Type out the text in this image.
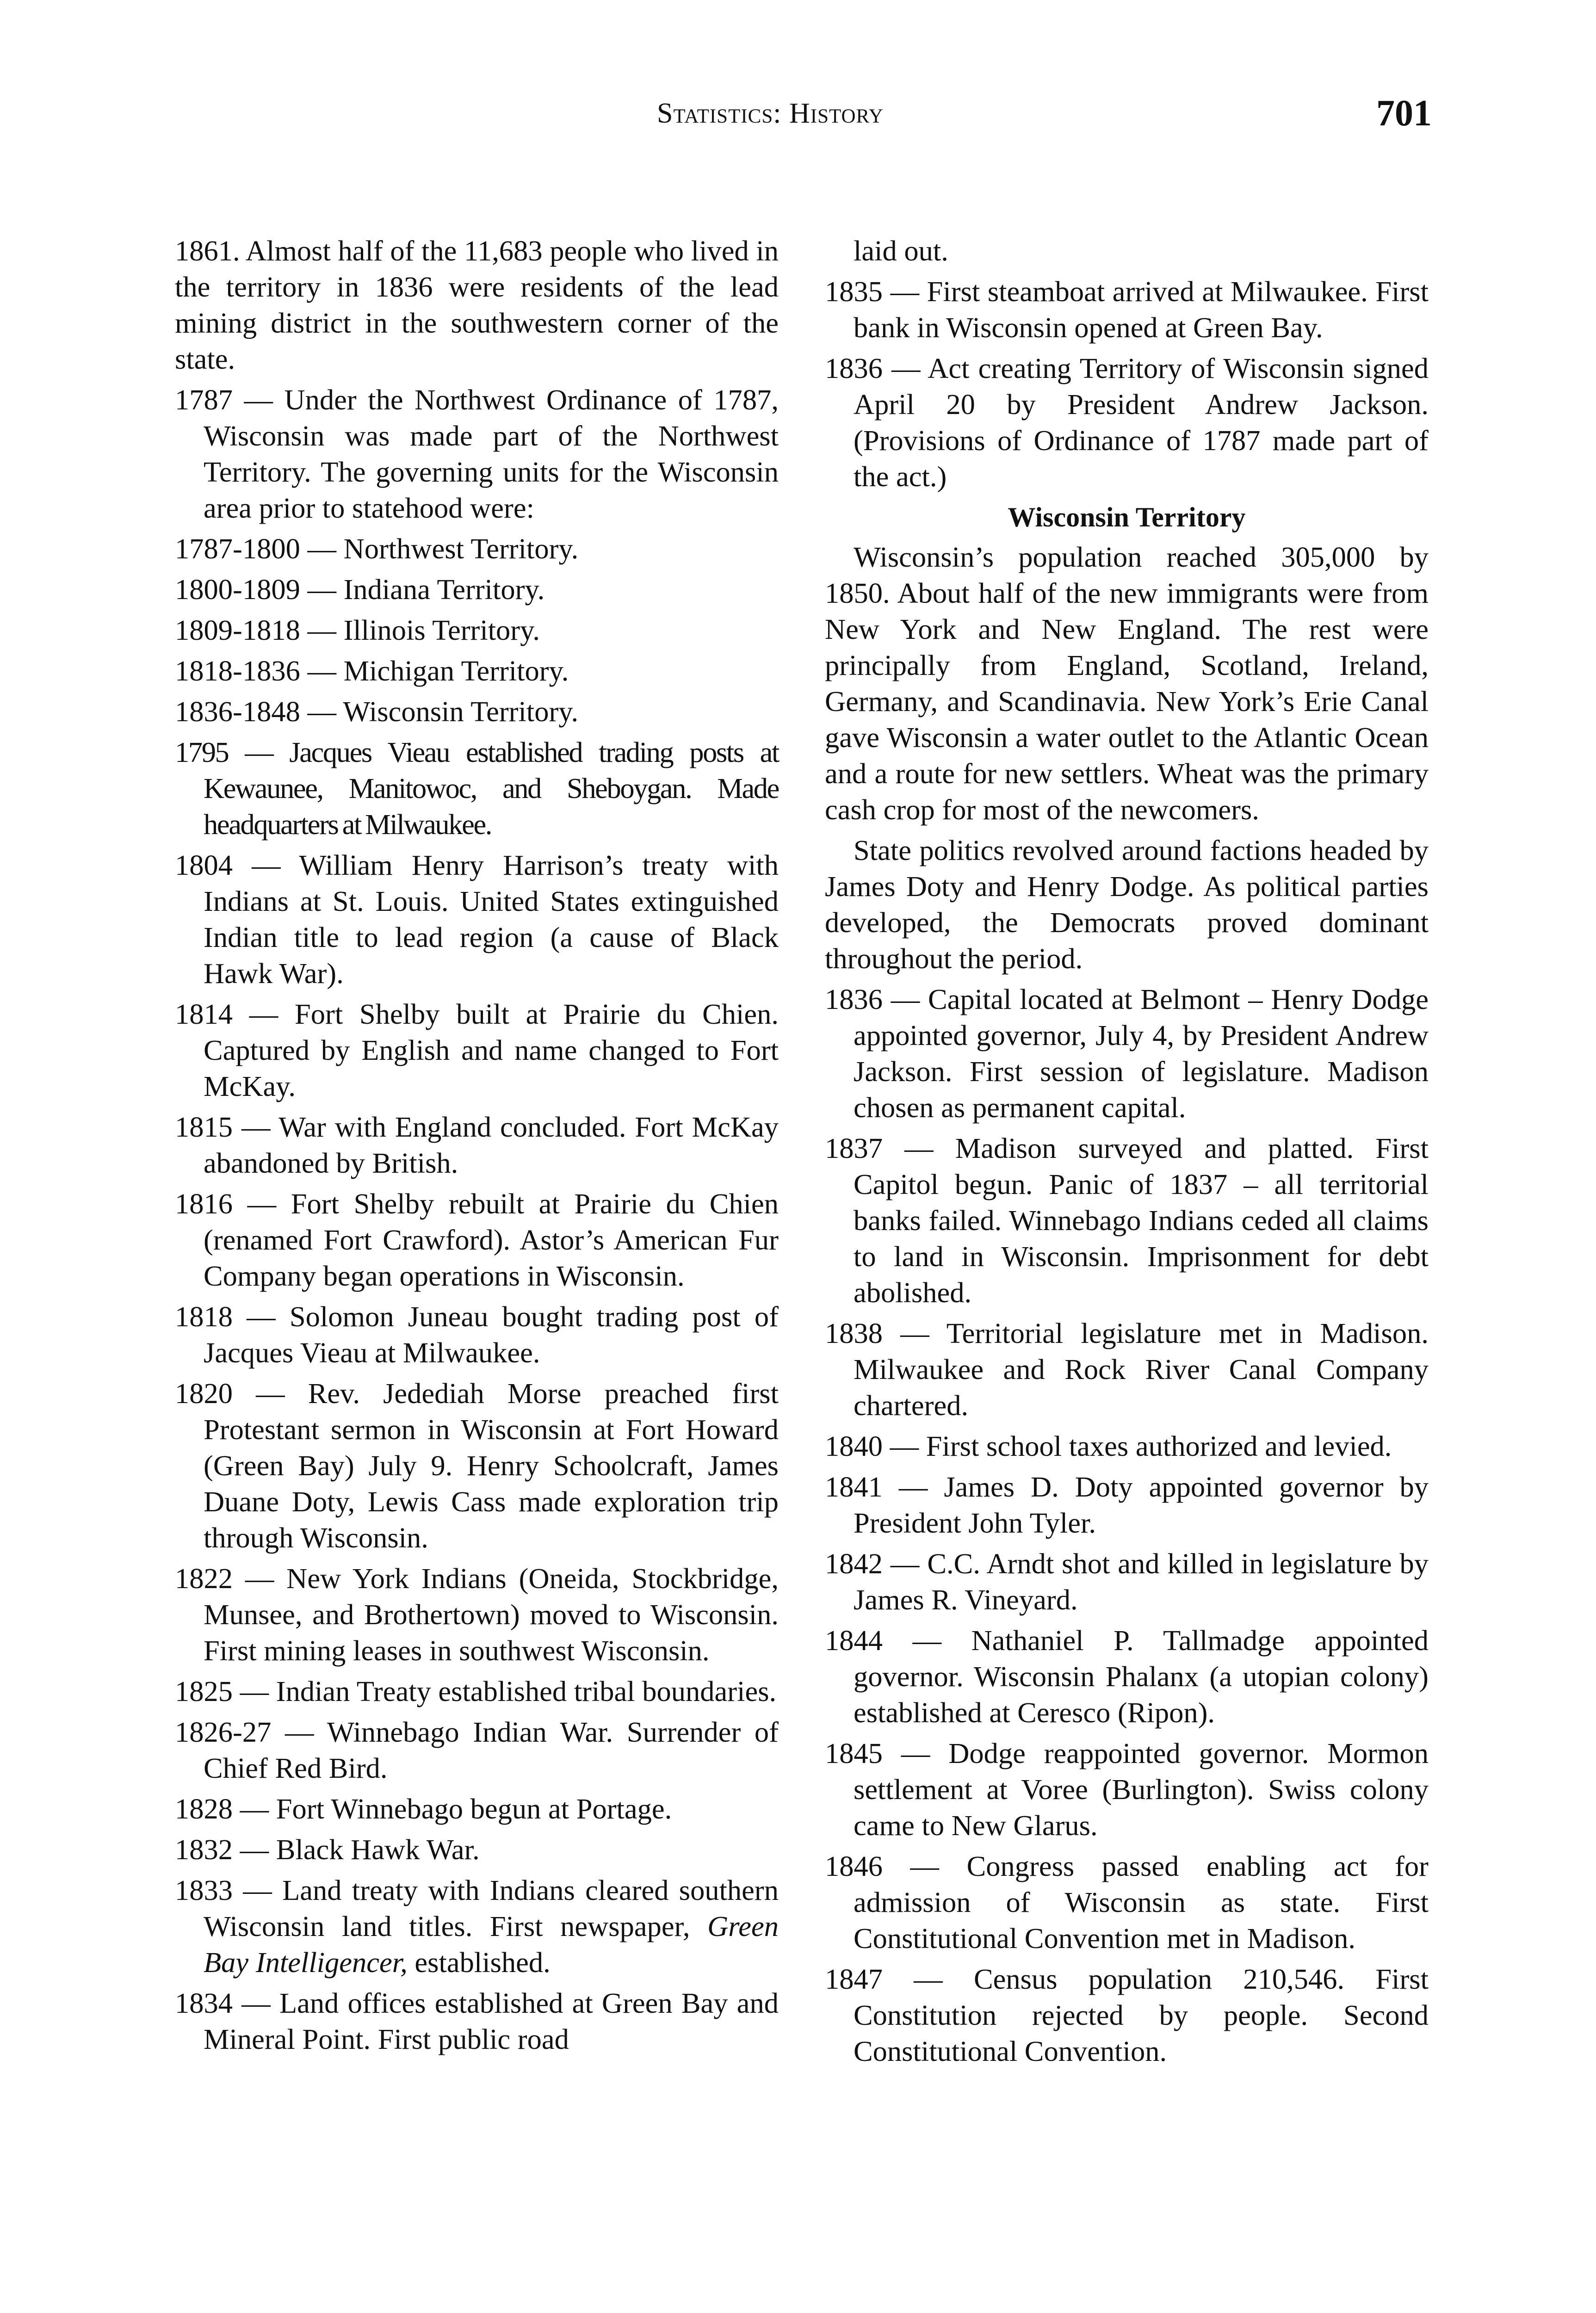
Statistics: History	701

1861. Almost half of the 11,683 people who lived in the territory in 1836 were residents of the lead mining district in the southwestern corner of the state.

1787 — Under the Northwest Ordinance of 1787, Wisconsin was made part of the Northwest Territory. The governing units for the Wisconsin area prior to statehood were:

1787-1800 — Northwest Territory.

1800-1809 — Indiana Territory.

1809-1818 — Illinois Territory.

1818-1836 — Michigan Territory.

1836-1848 — Wisconsin Territory.

1795 — Jacques Vieau established trading posts at Kewaunee, Manitowoc, and Sheboygan. Made headquarters at Milwaukee.

1804 — William Henry Harrison’s treaty with Indians at St. Louis. United States extinguished Indian title to lead region (a cause of Black Hawk War).

1814 — Fort Shelby built at Prairie du Chien. Captured by English and name changed to Fort McKay.

1815 — War with England concluded. Fort McKay abandoned by British.

1816 — Fort Shelby rebuilt at Prairie du Chien (renamed Fort Crawford). Astor’s American Fur Company began operations in Wisconsin.

1818 — Solomon Juneau bought trading post of Jacques Vieau at Milwaukee.

1820 — Rev. Jedediah Morse preached first Protestant sermon in Wisconsin at Fort Howard (Green Bay) July 9. Henry Schoolcraft, James Duane Doty, Lewis Cass made exploration trip through Wisconsin.

1822 — New York Indians (Oneida, Stockbridge, Munsee, and Brothertown) moved to Wisconsin. First mining leases in southwest Wisconsin.

1825 — Indian Treaty established tribal boundaries.

1826-27 — Winnebago Indian War. Surrender of Chief Red Bird.

1828 — Fort Winnebago begun at Portage.

1832 — Black Hawk War.

1833 — Land treaty with Indians cleared southern Wisconsin land titles. First newspaper, Green Bay Intelligencer, established.

1834 — Land offices established at Green Bay and Mineral Point. First public road

laid out.

1835 — First steamboat arrived at Milwaukee. First bank in Wisconsin opened at Green Bay.

1836 — Act creating Territory of Wisconsin signed April 20 by President Andrew Jackson. (Provisions of Ordinance of 1787 made part of the act.)

Wisconsin Territory

Wisconsin’s population reached 305,000 by 1850. About half of the new immigrants were from New York and New England. The rest were principally from England, Scotland, Ireland, Germany, and Scandinavia. New York’s Erie Canal gave Wisconsin a water outlet to the Atlantic Ocean and a route for new settlers. Wheat was the primary cash crop for most of the newcomers.

State politics revolved around factions headed by James Doty and Henry Dodge. As political parties developed, the Democrats proved dominant throughout the period.

1836 — Capital located at Belmont – Henry Dodge appointed governor, July 4, by President Andrew Jackson. First session of legislature. Madison chosen as permanent capital.

1837 — Madison surveyed and platted. First Capitol begun. Panic of 1837 – all territorial banks failed. Winnebago Indians ceded all claims to land in Wisconsin. Imprisonment for debt abolished.

1838 — Territorial legislature met in Madison. Milwaukee and Rock River Canal Company chartered.

1840 — First school taxes authorized and levied.

1841 — James D. Doty appointed governor by President John Tyler.

1842 — C.C. Arndt shot and killed in legislature by James R. Vineyard.

1844 — Nathaniel P. Tallmadge appointed governor. Wisconsin Phalanx (a utopian colony) established at Ceresco (Ripon).

1845 — Dodge reappointed governor. Mormon settlement at Voree (Burlington). Swiss colony came to New Glarus.

1846 — Congress passed enabling act for admission of Wisconsin as state. First Constitutional Convention met in Madison.

1847 — Census population 210,546. First Constitution rejected by people. Second Constitutional Convention.
